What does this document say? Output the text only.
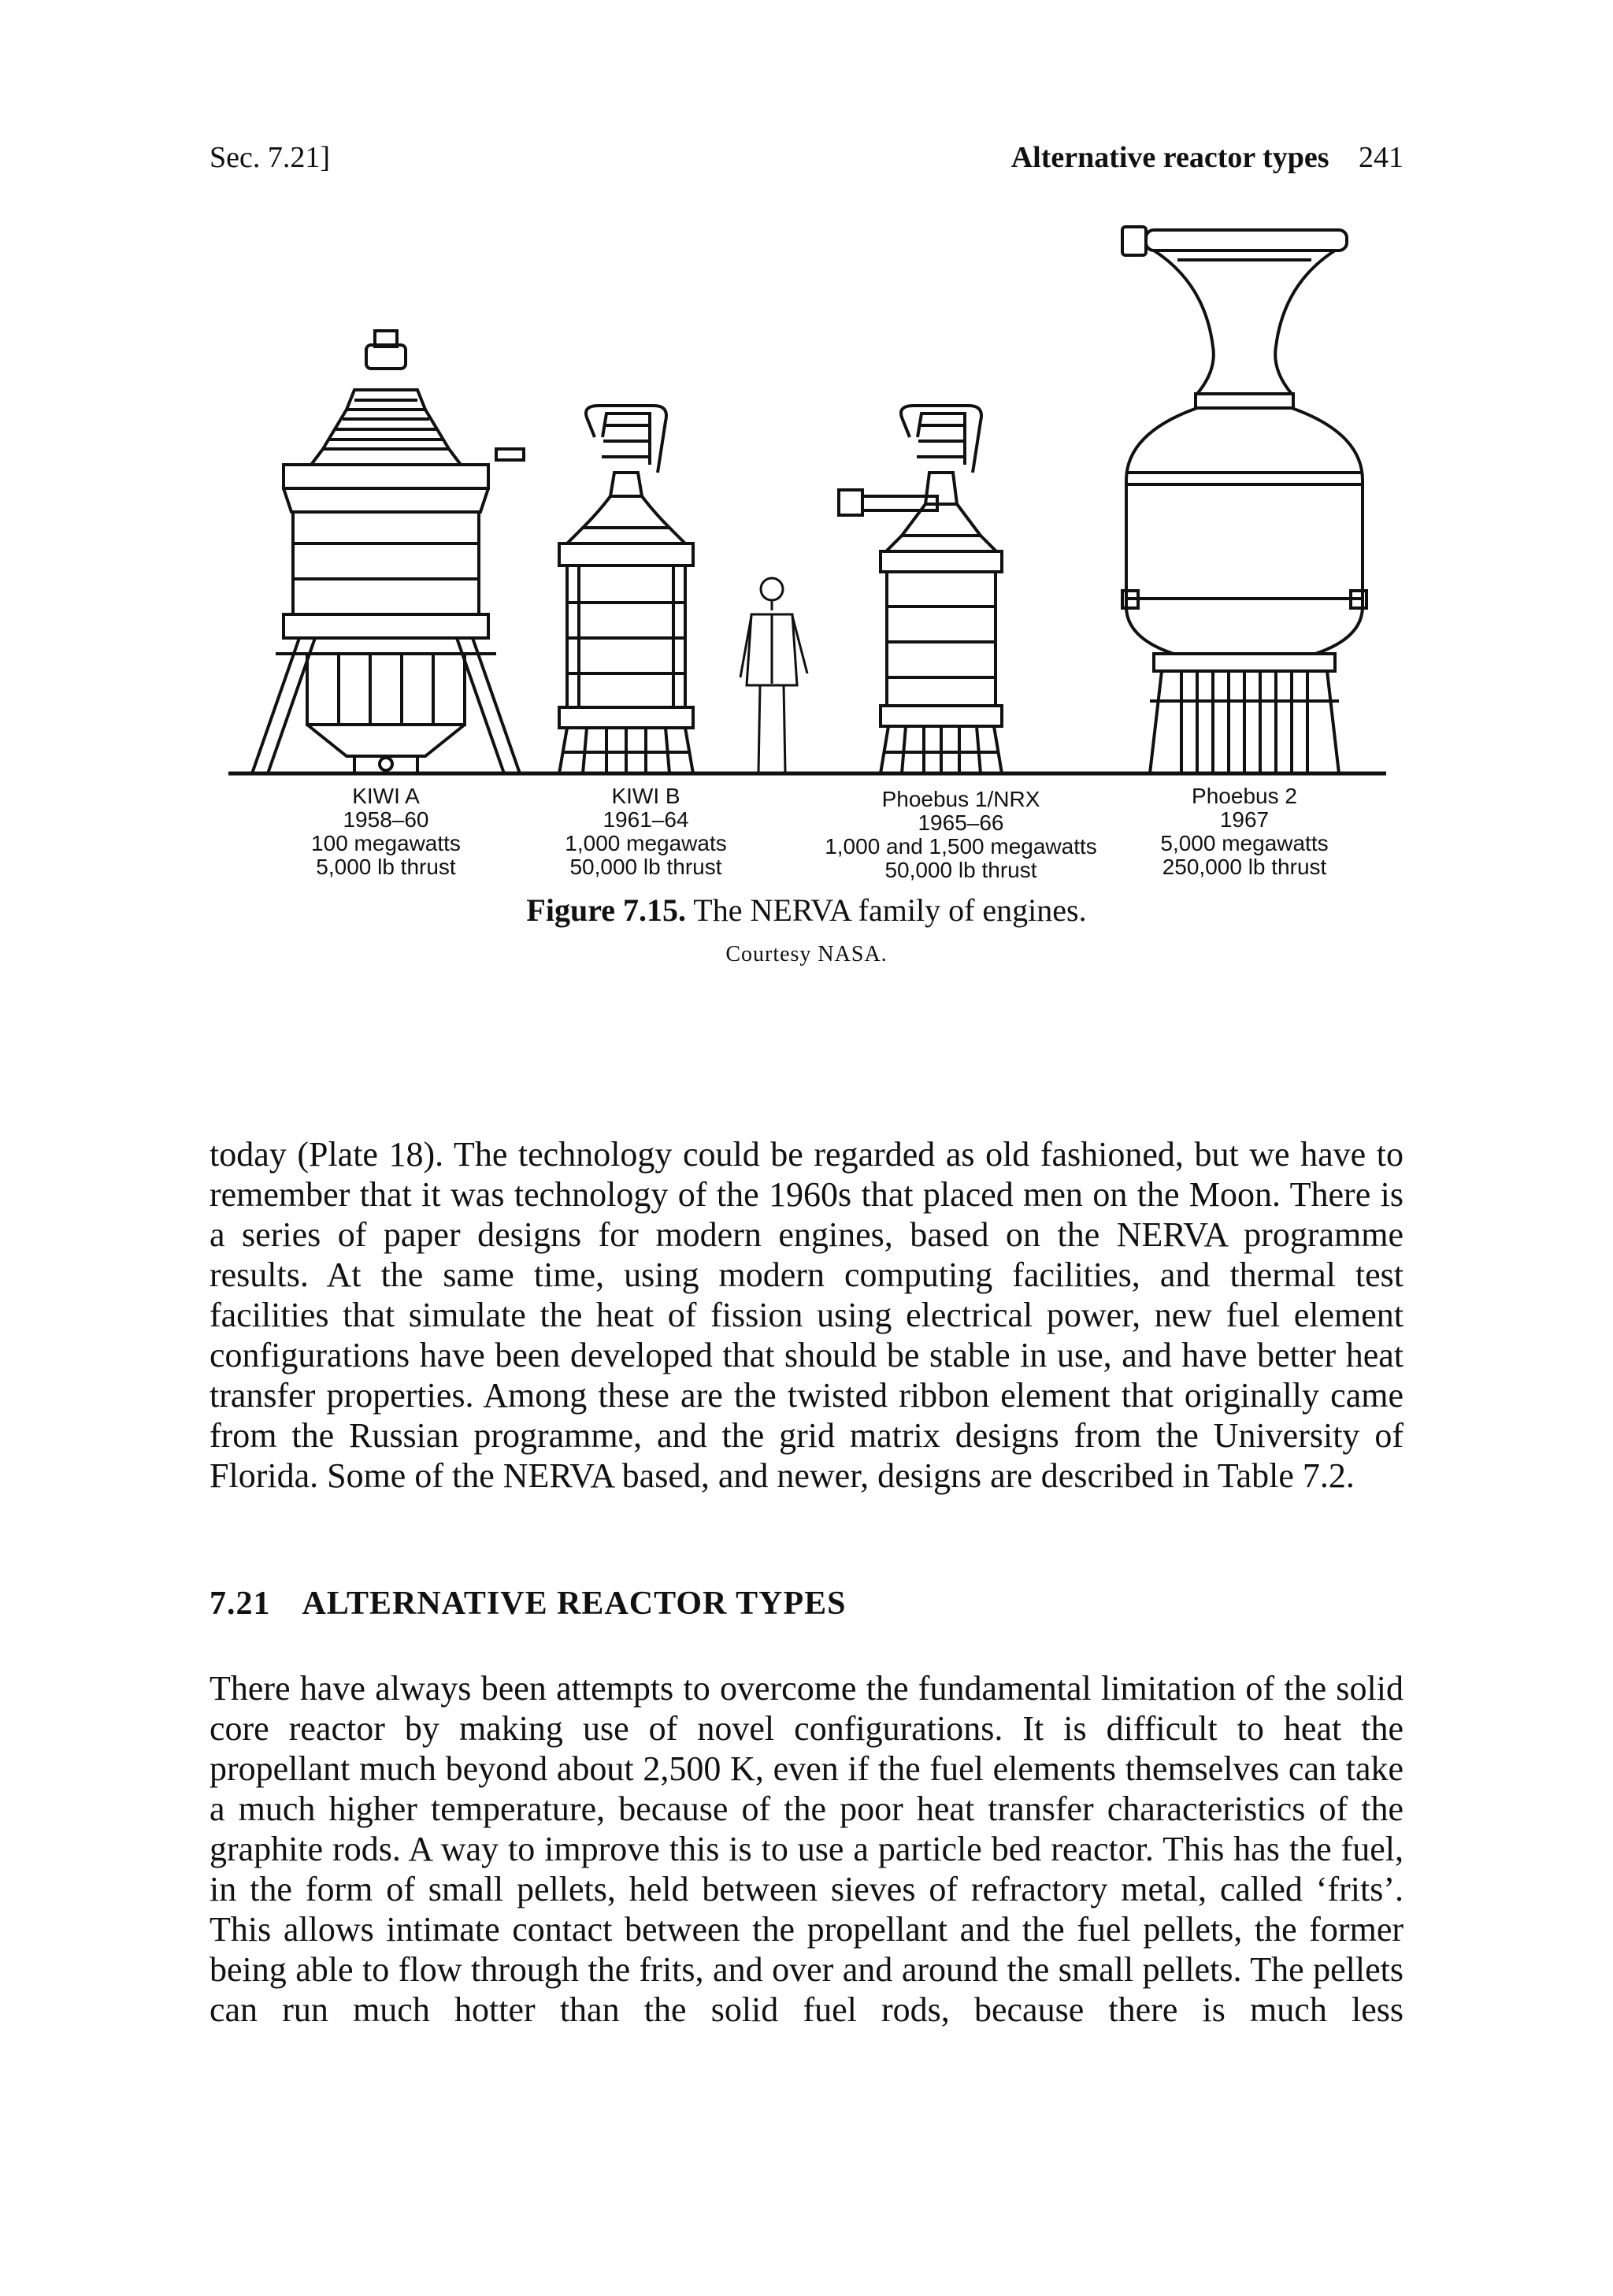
Sec. 7.21]	Alternative reactor types 241
KIWI A
1958–60
100 megawatts
5,000 lb thrust
KIWI B
1961–64
1,000 megawats
50,000 lb thrust
Phoebus 1/NRX
1965–66
1,000 and 1,500 megawatts
50,000 lb thrust
Phoebus 2
1967
5,000 megawatts
250,000 lb thrust
Figure 7.15. The NERVA family of engines.
Courtesy NASA.
today (Plate 18). The technology could be regarded as old fashioned, but we have to remember that it was technology of the 1960s that placed men on the Moon. There is a series of paper designs for modern engines, based on the NERVA programme results. At the same time, using modern computing facilities, and thermal test facilities that simulate the heat of fission using electrical power, new fuel element configurations have been developed that should be stable in use, and have better heat transfer properties. Among these are the twisted ribbon element that originally came from the Russian programme, and the grid matrix designs from the University of Florida. Some of the NERVA based, and newer, designs are described in Table 7.2.
7.21 ALTERNATIVE REACTOR TYPES
There have always been attempts to overcome the fundamental limitation of the solid core reactor by making use of novel configurations. It is difficult to heat the propellant much beyond about 2,500 K, even if the fuel elements themselves can take a much higher temperature, because of the poor heat transfer characteristics of the graphite rods. A way to improve this is to use a particle bed reactor. This has the fuel, in the form of small pellets, held between sieves of refractory metal, called ‘frits’. This allows intimate contact between the propellant and the fuel pellets, the former being able to flow through the frits, and over and around the small pellets. The pellets can run much hotter than the solid fuel rods, because there is much less
